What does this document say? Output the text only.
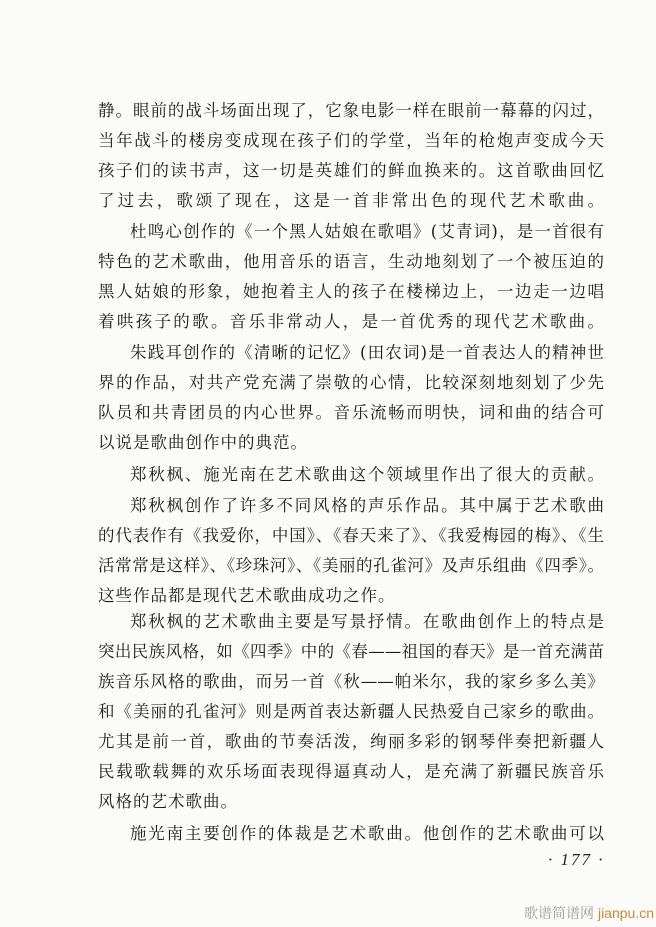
静。眼前的战斗场面出现了，它象电影一样在眼前一幕幕的闪过，
当年战斗的楼房变成现在孩子们的学堂，当年的枪炮声变成今天
孩子们的读书声，这一切是英雄们的鲜血换来的。这首歌曲回忆
了过去，歌颂了现在，这是一首非常出色的现代艺术歌曲。
杜鸣心创作的《一个黑人姑娘在歌唱》(艾青词)，是一首很有
特色的艺术歌曲，他用音乐的语言，生动地刻划了一个被压迫的
黑人姑娘的形象，她抱着主人的孩子在楼梯边上，一边走一边唱
着哄孩子的歌。音乐非常动人，是一首优秀的现代艺术歌曲。
朱践耳创作的《清晰的记忆》(田农词)是一首表达人的精神世
界的作品，对共产党充满了崇敬的心情，比较深刻地刻划了少先
队员和共青团员的内心世界。音乐流畅而明快，词和曲的结合可
以说是歌曲创作中的典范。
郑秋枫、施光南在艺术歌曲这个领域里作出了很大的贡献。
郑秋枫创作了许多不同风格的声乐作品。其中属于艺术歌曲
的代表作有《我爱你，中国》、《春天来了》、《我爱梅园的梅》、《生
活常常是这样》、《珍珠河》、《美丽的孔雀河》及声乐组曲《四季》。
这些作品都是现代艺术歌曲成功之作。
郑秋枫的艺术歌曲主要是写景抒情。在歌曲创作上的特点是
突出民族风格，如《四季》中的《春——祖国的春天》是一首充满苗
族音乐风格的歌曲，而另一首《秋——帕米尔，我的家乡多么美》
和《美丽的孔雀河》则是两首表达新疆人民热爱自己家乡的歌曲。
尤其是前一首，歌曲的节奏活泼，绚丽多彩的钢琴伴奏把新疆人
民载歌载舞的欢乐场面表现得逼真动人，是充满了新疆民族音乐
风格的艺术歌曲。
施光南主要创作的体裁是艺术歌曲。他创作的艺术歌曲可以
· 177 ·
歌谱简谱网 jianpu.cn
